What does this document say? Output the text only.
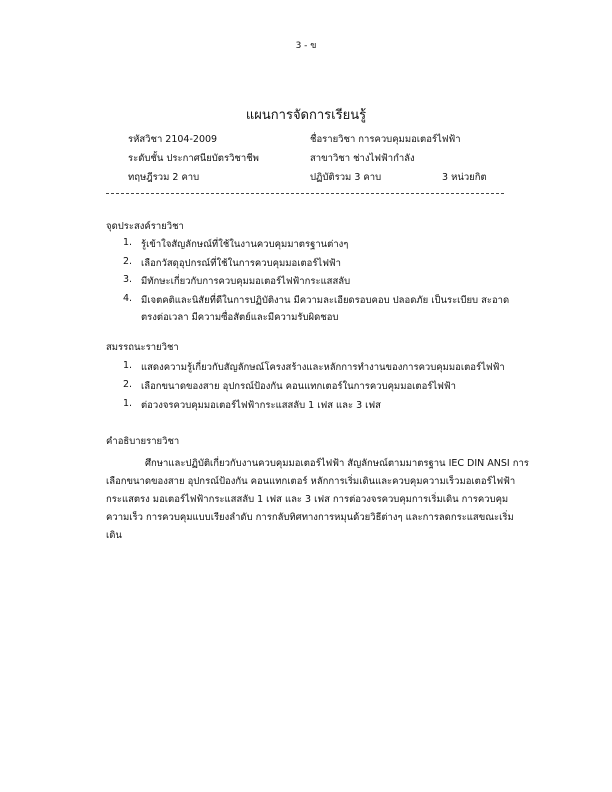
3 - ข
แผนการจัดการเรียนรู้
รหัสวิชา 2104-2009	ชื่อรายวิชา การควบคุมมอเตอร์ไฟฟ้า
ระดับชั้น ประกาศนียบัตรวิชาชีพ	สาขาวิชา ช่างไฟฟ้ากำลัง
ทฤษฎีรวม 2 คาบ	ปฏิบัติรวม 3 คาบ	3 หน่วยกิต
จุดประสงค์รายวิชา
1. รู้เข้าใจสัญลักษณ์ที่ใช้ในงานควบคุมมาตรฐานต่างๆ
2. เลือกวัสดุอุปกรณ์ที่ใช้ในการควบคุมมอเตอร์ไฟฟ้า
3. มีทักษะเกี่ยวกับการควบคุมมอเตอร์ไฟฟ้ากระแสสลับ
4. มีเจตคติและนิสัยที่ดีในการปฏิบัติงาน มีความละเอียดรอบคอบ ปลอดภัย เป็นระเบียบ สะอาด
ตรงต่อเวลา มีความซื่อสัตย์และมีความรับผิดชอบ
สมรรถนะรายวิชา
1. แสดงความรู้เกี่ยวกับสัญลักษณ์โครงสร้างและหลักการทำงานของการควบคุมมอเตอร์ไฟฟ้า
2. เลือกขนาดของสาย อุปกรณ์ป้องกัน คอนแทกเตอร์ในการควบคุมมอเตอร์ไฟฟ้า
1. ต่อวงจรควบคุมมอเตอร์ไฟฟ้ากระแสสลับ 1 เฟส และ 3 เฟส
คำอธิบายรายวิชา
ศึกษาและปฏิบัติเกี่ยวกับงานควบคุมมอเตอร์ไฟฟ้า สัญลักษณ์ตามมาตรฐาน IEC DIN ANSI การ
เลือกขนาดของสาย อุปกรณ์ป้องกัน คอนแทกเตอร์ หลักการเริ่มเดินและควบคุมความเร็วมอเตอร์ไฟฟ้า
กระแสตรง มอเตอร์ไฟฟ้ากระแสสลับ 1 เฟส และ 3 เฟส การต่อวงจรควบคุมการเริ่มเดิน การควบคุม
ความเร็ว การควบคุมแบบเรียงลำดับ การกลับทิศทางการหมุนด้วยวิธีต่างๆ และการลดกระแสขณะเริ่ม
เดิน
